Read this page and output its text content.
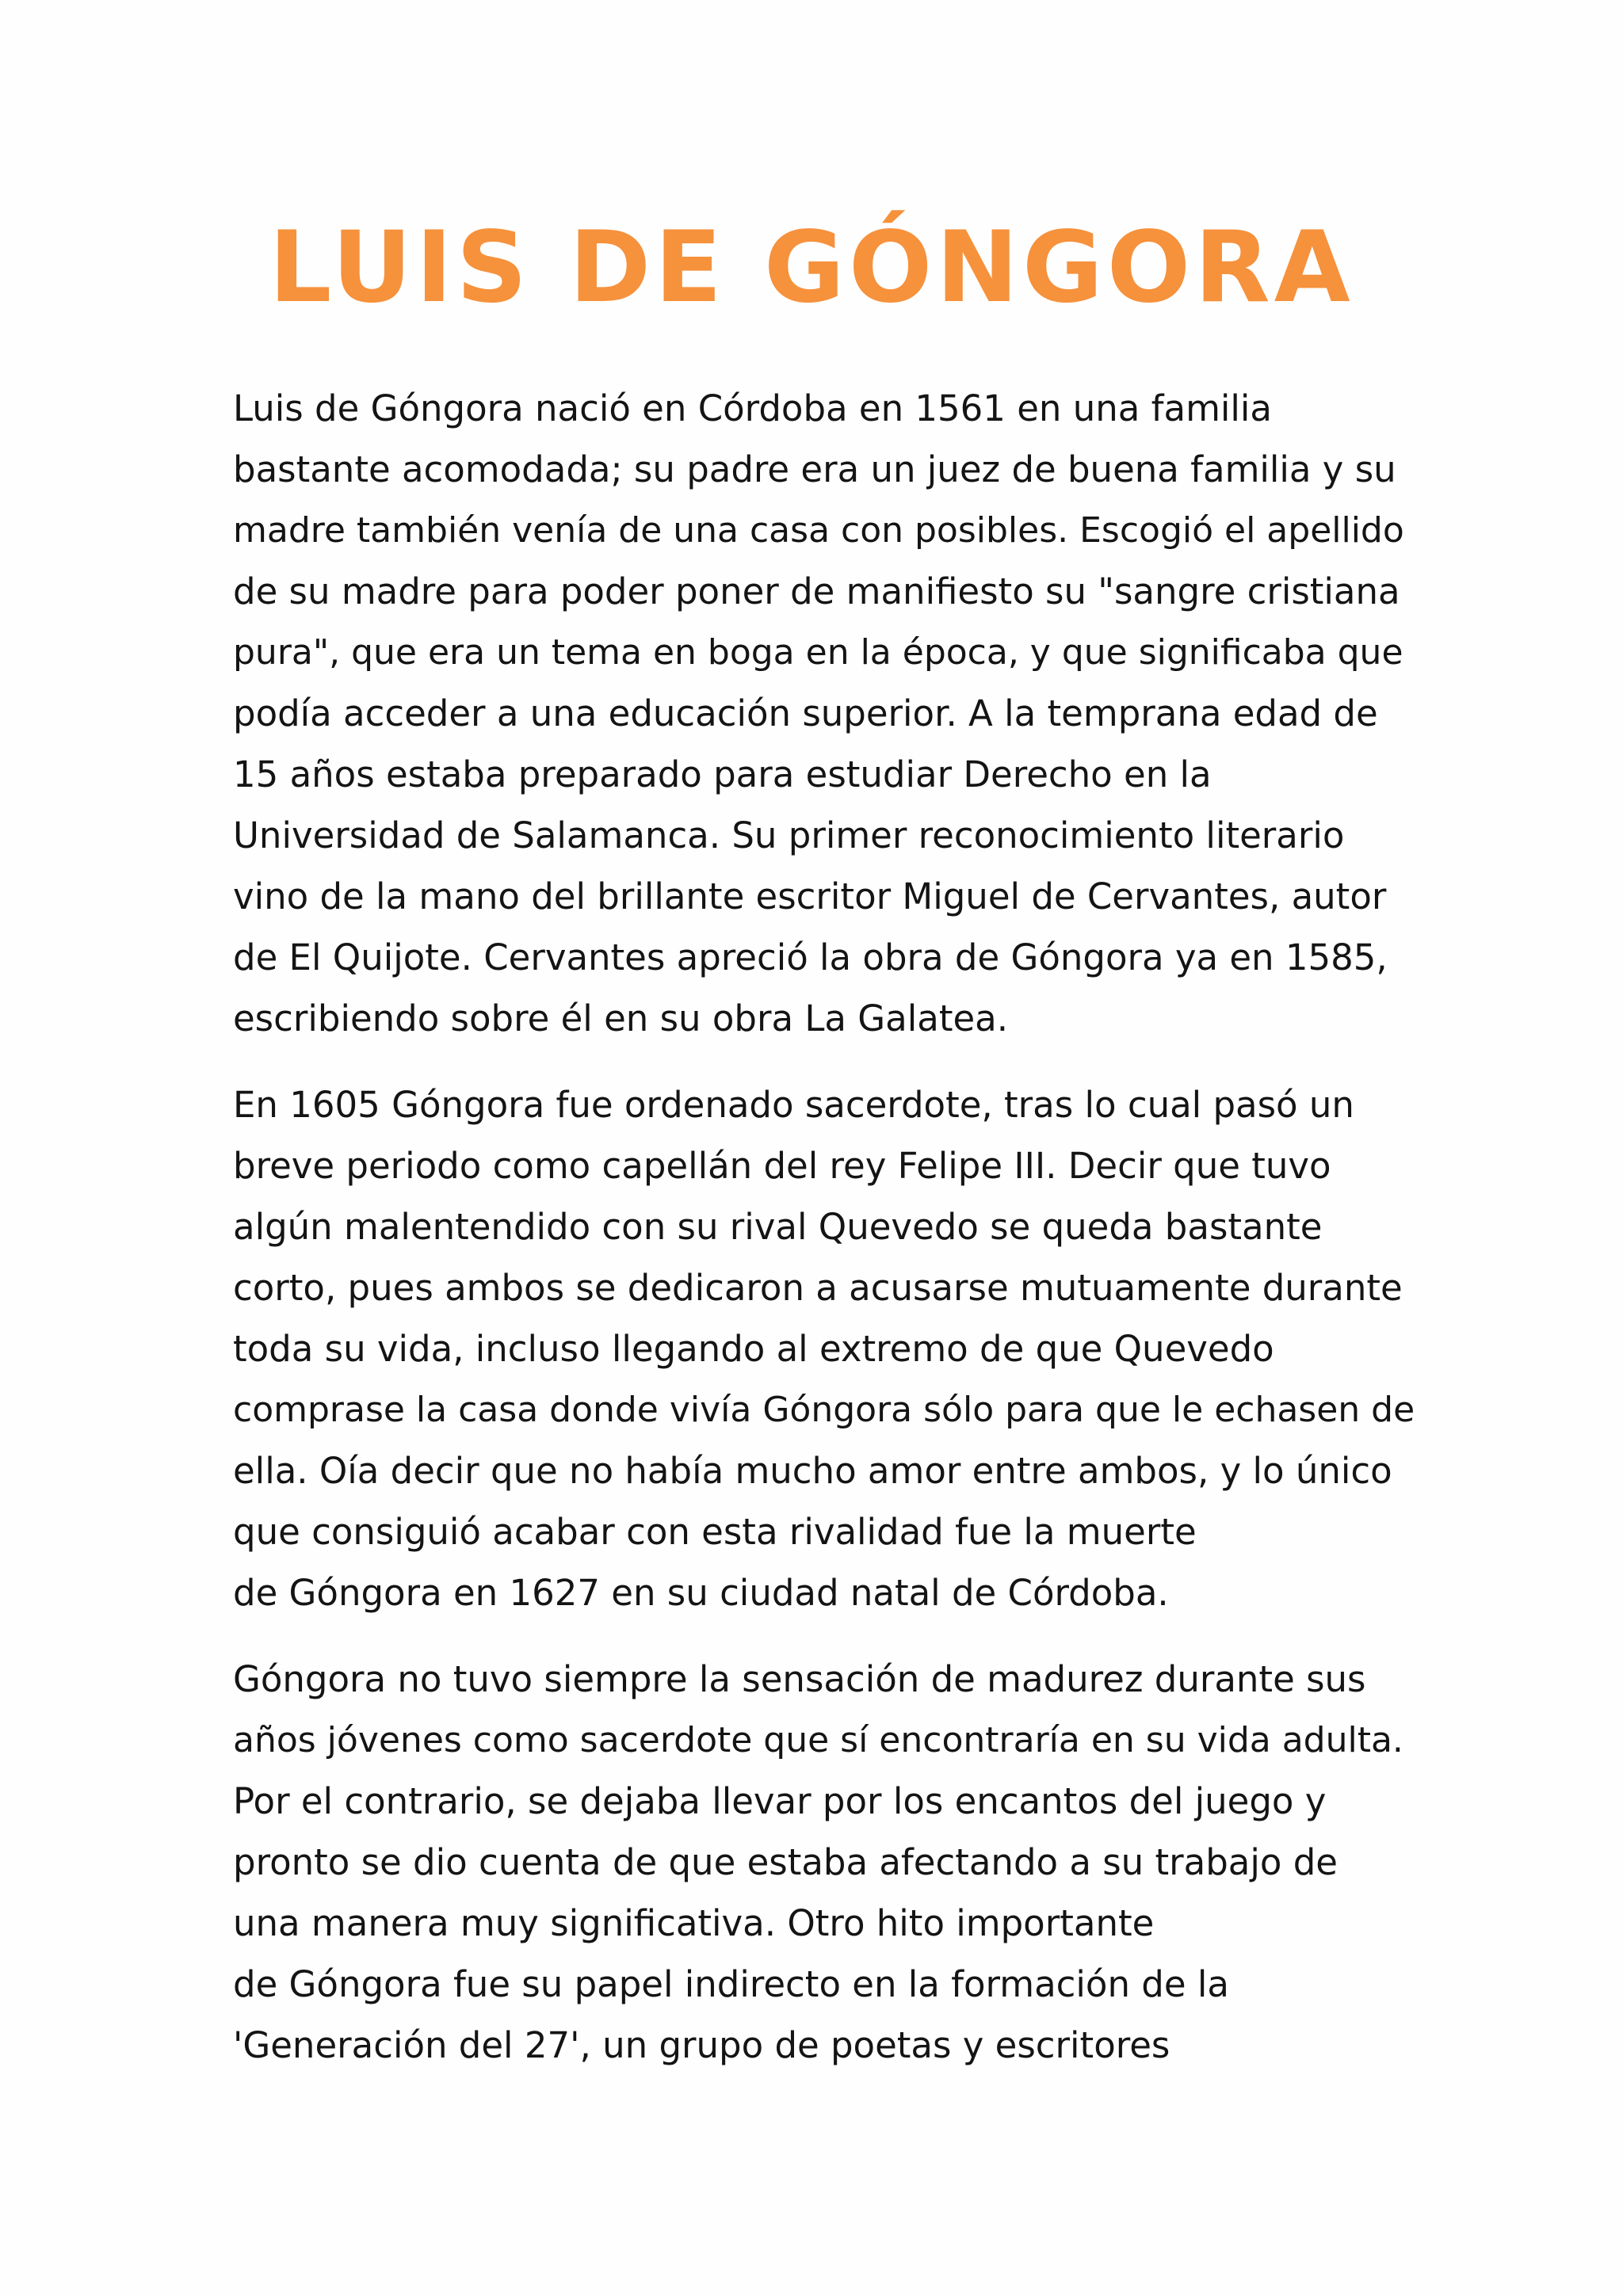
LUIS DE GÓNGORA

Luis de Góngora nació en Córdoba en 1561 en una familia
bastante acomodada; su padre era un juez de buena familia y su
madre también venía de una casa con posibles. Escogió el apellido
de su madre para poder poner de manifiesto su "sangre cristiana
pura", que era un tema en boga en la época, y que significaba que
podía acceder a una educación superior. A la temprana edad de
15 años estaba preparado para estudiar Derecho en la
Universidad de Salamanca. Su primer reconocimiento literario
vino de la mano del brillante escritor Miguel de Cervantes, autor
de El Quijote. Cervantes apreció la obra de Góngora ya en 1585,
escribiendo sobre él en su obra La Galatea.

En 1605 Góngora fue ordenado sacerdote, tras lo cual pasó un
breve periodo como capellán del rey Felipe III. Decir que tuvo
algún malentendido con su rival Quevedo se queda bastante
corto, pues ambos se dedicaron a acusarse mutuamente durante
toda su vida, incluso llegando al extremo de que Quevedo
comprase la casa donde vivía Góngora sólo para que le echasen de
ella. Oía decir que no había mucho amor entre ambos, y lo único
que consiguió acabar con esta rivalidad fue la muerte
de Góngora en 1627 en su ciudad natal de Córdoba.

Góngora no tuvo siempre la sensación de madurez durante sus
años jóvenes como sacerdote que sí encontraría en su vida adulta.
Por el contrario, se dejaba llevar por los encantos del juego y
pronto se dio cuenta de que estaba afectando a su trabajo de
una manera muy significativa. Otro hito importante
de Góngora fue su papel indirecto en la formación de la
'Generación del 27', un grupo de poetas y escritores
